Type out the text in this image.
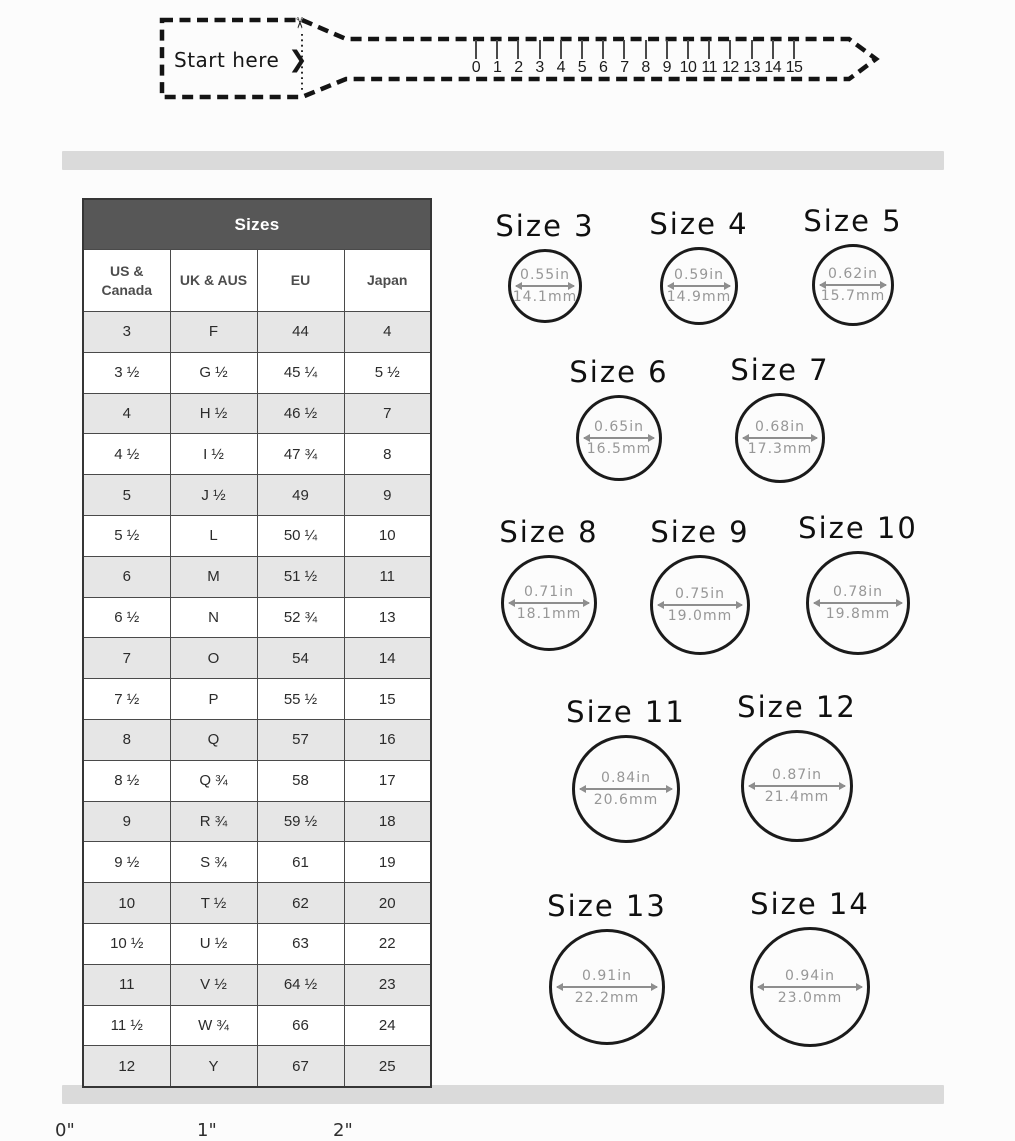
✂
Start here ❯	0 1 2 3 4 5 6 7 8 9 10 11 12 13 14 15
Sizes			
US & Canada	UK & AUS	EU	Japan
3	F	44	4
3 ½	G ½	45 ¼	5 ½
4	H ½	46 ½	7
4 ½	I ½	47 ¾	8
5	J ½	49	9
5 ½	L	50 ¼	10
6	M	51 ½	11
6 ½	N	52 ¾	13
7	O	54	14
7 ½	P	55 ½	15
8	Q	57	16
8 ½	Q ¾	58	17
9	R ¾	59 ½	18
9 ½	S ¾	61	19
10	T ½	62	20
10 ½	U ½	63	22
11	V ½	64 ½	23
11 ½	W ¾	66	24
12	Y	67	25
Size 3
0.55in
14.1mm
Size 4
0.59in
14.9mm
Size 5
0.62in
15.7mm
Size 6
0.65in
16.5mm
Size 7
0.68in
17.3mm
Size 8
0.71in
18.1mm
Size 9
0.75in
19.0mm
Size 10
0.78in
19.8mm
Size 11
0.84in
20.6mm
Size 12
0.87in
21.4mm
Size 13
0.91in
22.2mm
Size 14
0.94in
23.0mm
0"	1"	2"
